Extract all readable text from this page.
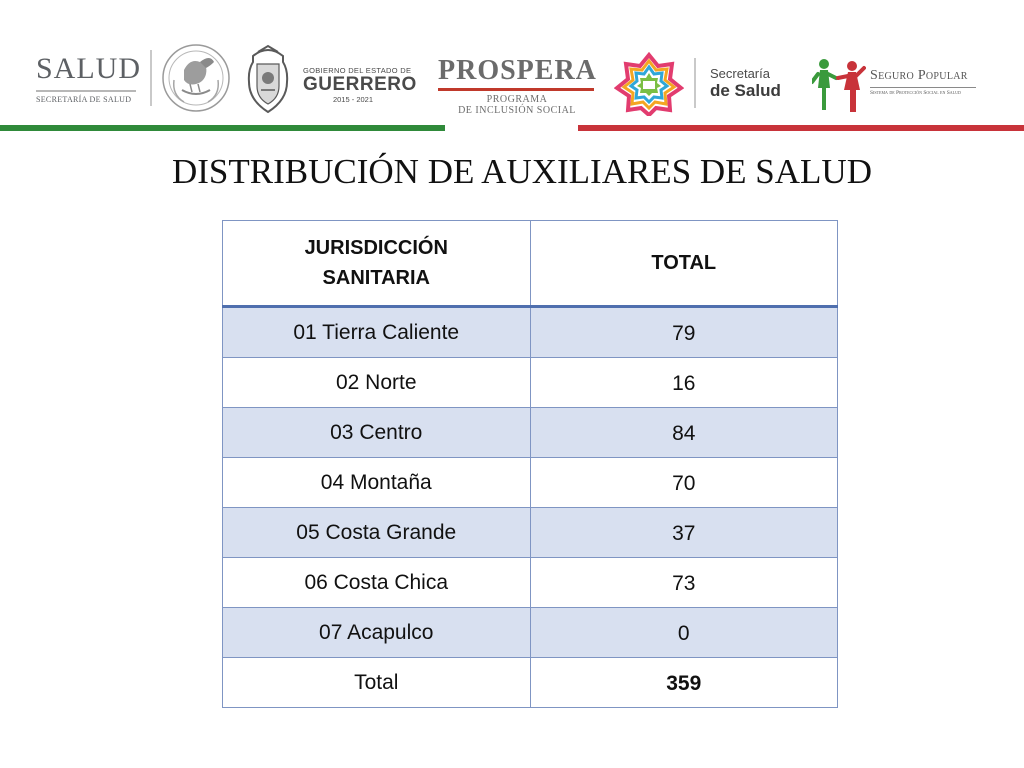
SALUD
SECRETARÍA DE SALUD
GOBIERNO DEL ESTADO DE
GUERRERO
2015 - 2021
PROSPERA
PROGRAMA
DE INCLUSIÓN SOCIAL
Secretaría
de Salud
Seguro Popular
Sistema de Protección Social en Salud
DISTRIBUCIÓN DE AUXILIARES DE SALUD
JURISDICCIÓN
SANITARIA	TOTAL
01 Tierra Caliente	79
02 Norte	16
03 Centro	84
04 Montaña	70
05 Costa Grande	37
06 Costa Chica	73
07 Acapulco	0
Total	359
